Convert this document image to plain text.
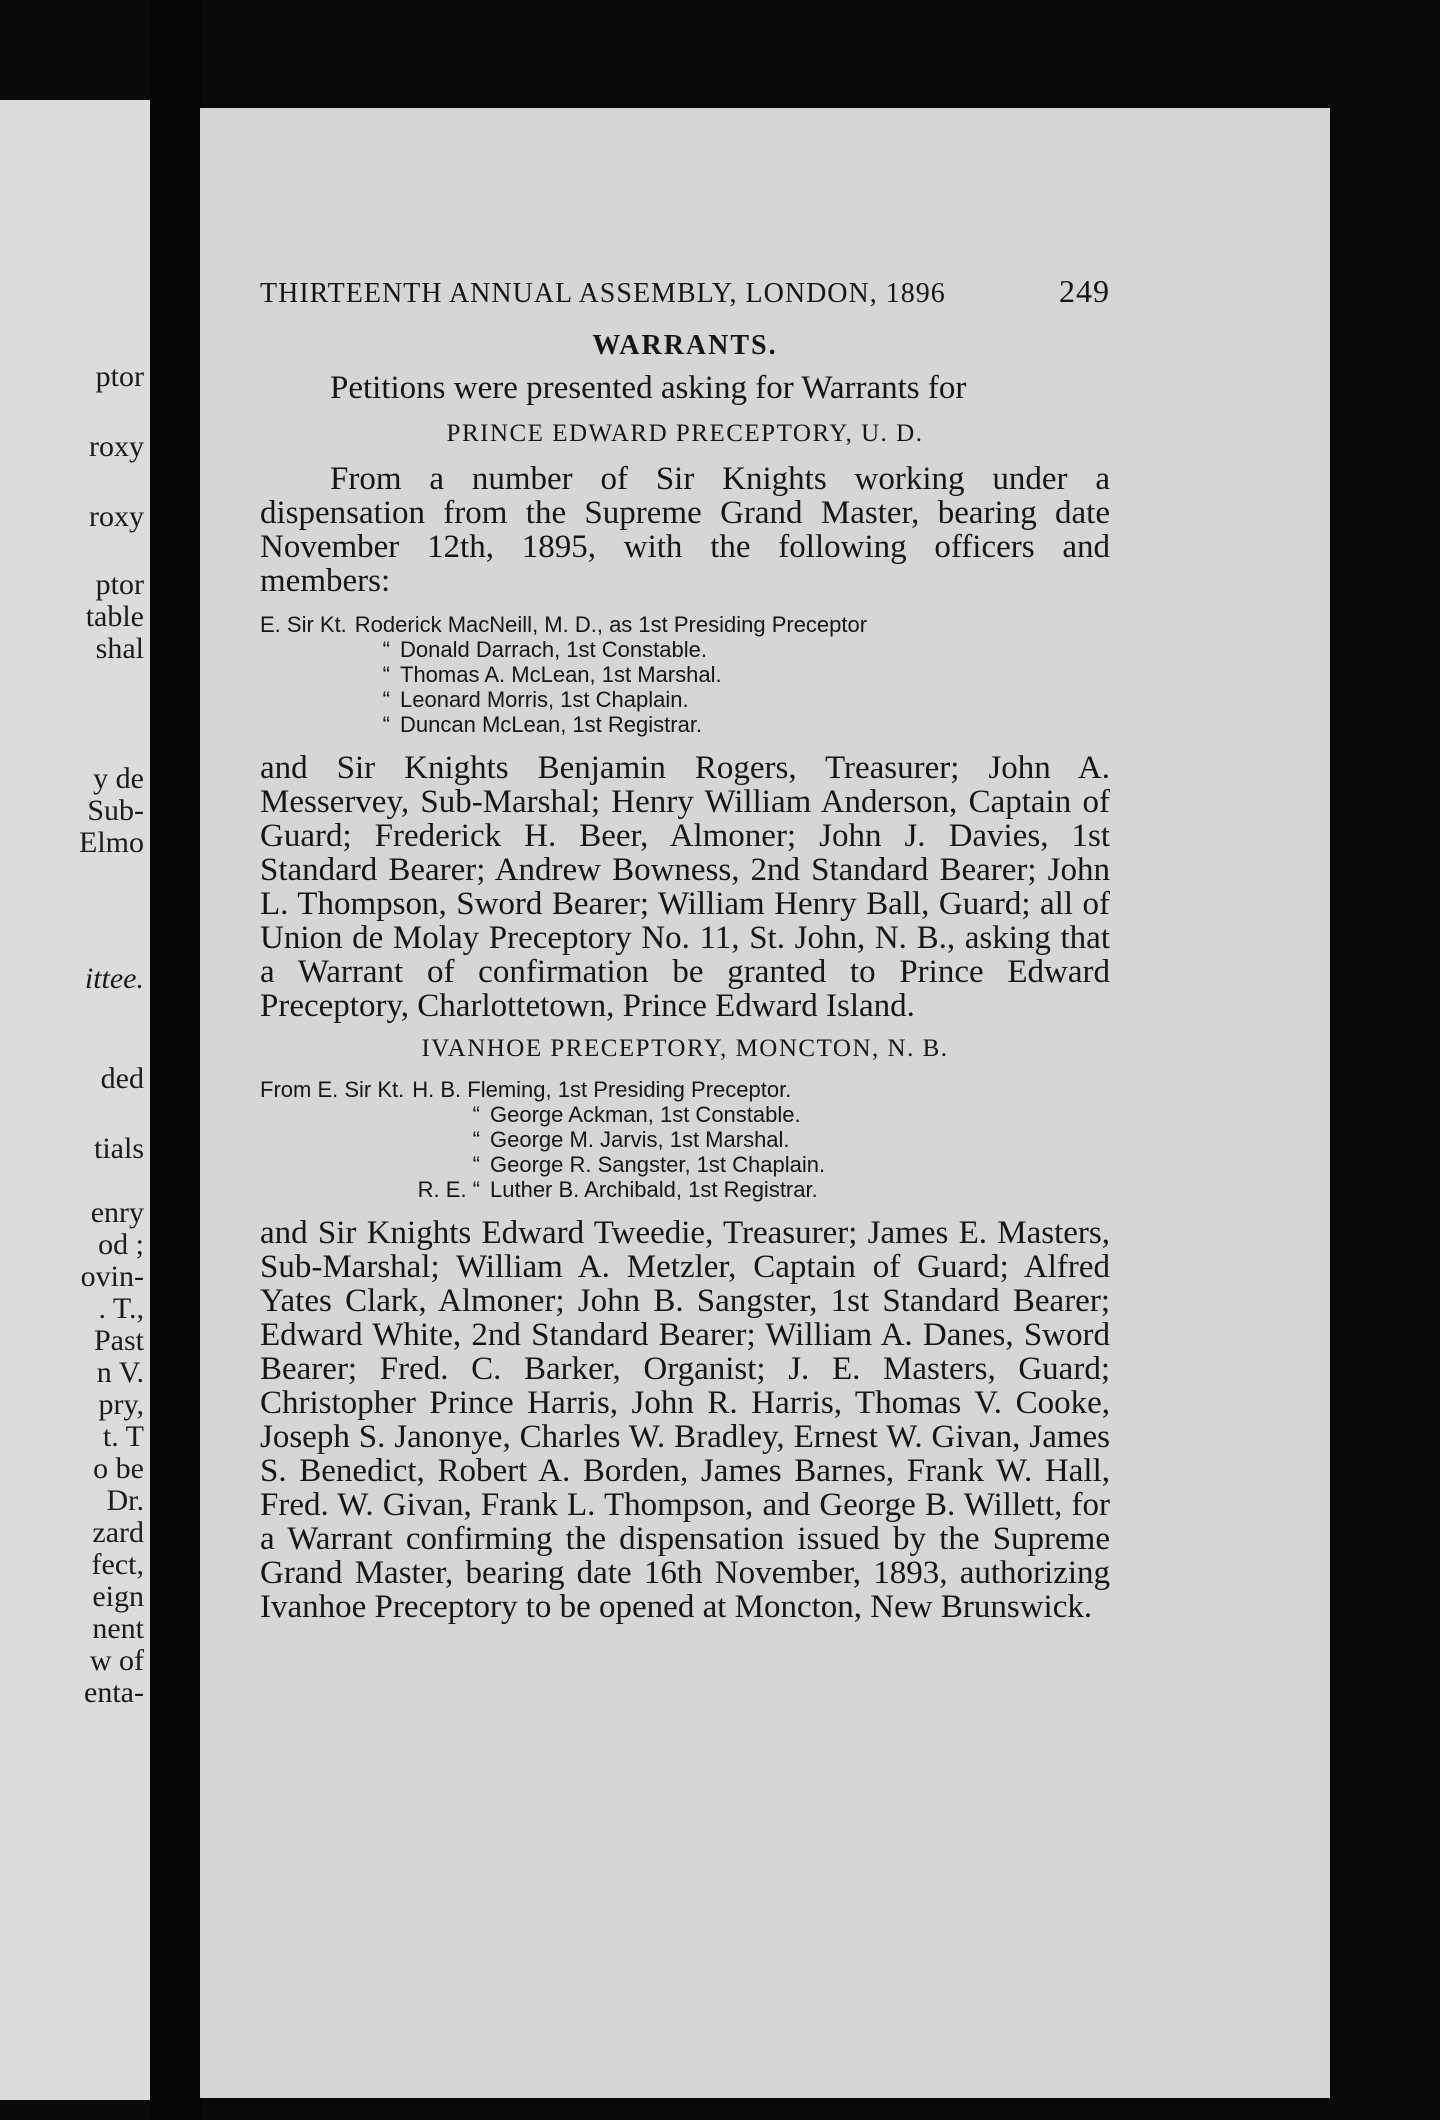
ptor
roxy
roxy
ptor
table
shal
y de
Sub-
Elmo
ittee.
ded
tials
enry
od ;
ovin-
. T.,
Past
n V.
pry,
t. T
o be
Dr.
zard
fect,
eign
nent
w of
enta-
THIRTEENTH ANNUAL ASSEMBLY, LONDON, 1896	249
WARRANTS.

Petitions were presented asking for Warrants for

PRINCE EDWARD PRECEPTORY, U. D.

From a number of Sir Knights working under a dispensation from the Supreme Grand Master, bearing date November 12th, 1895, with the following officers and members:

E. Sir Kt. Roderick MacNeill, M. D., as 1st Presiding Preceptor
“ Donald Darrach, 1st Constable.
“ Thomas A. McLean, 1st Marshal.
“ Leonard Morris, 1st Chaplain.
“ Duncan McLean, 1st Registrar.

and Sir Knights Benjamin Rogers, Treasurer; John A. Messervey, Sub-Marshal; Henry William Anderson, Captain of Guard; Frederick H. Beer, Almoner; John J. Davies, 1st Standard Bearer; Andrew Bowness, 2nd Standard Bearer; John L. Thompson, Sword Bearer; William Henry Ball, Guard; all of Union de Molay Preceptory No. 11, St. John, N. B., asking that a Warrant of confirmation be granted to Prince Edward Preceptory, Charlottetown, Prince Edward Island.

IVANHOE PRECEPTORY, MONCTON, N. B.
From E. Sir Kt. H. B. Fleming, 1st Presiding Preceptor.
“ George Ackman, 1st Constable.
“ George M. Jarvis, 1st Marshal.
“ George R. Sangster, 1st Chaplain.
R. E. “ Luther B. Archibald, 1st Registrar.

and Sir Knights Edward Tweedie, Treasurer; James E. Masters, Sub-Marshal; William A. Metzler, Captain of Guard; Alfred Yates Clark, Almoner; John B. Sangster, 1st Standard Bearer; Edward White, 2nd Standard Bearer; William A. Danes, Sword Bearer; Fred. C. Barker, Organist; J. E. Masters, Guard; Christopher Prince Harris, John R. Harris, Thomas V. Cooke, Joseph S. Janonye, Charles W. Bradley, Ernest W. Givan, James S. Benedict, Robert A. Borden, James Barnes, Frank W. Hall, Fred. W. Givan, Frank L. Thompson, and George B. Willett, for a Warrant confirming the dispensation issued by the Supreme Grand Master, bearing date 16th November, 1893, authorizing Ivanhoe Preceptory to be opened at Moncton, New Brunswick.
